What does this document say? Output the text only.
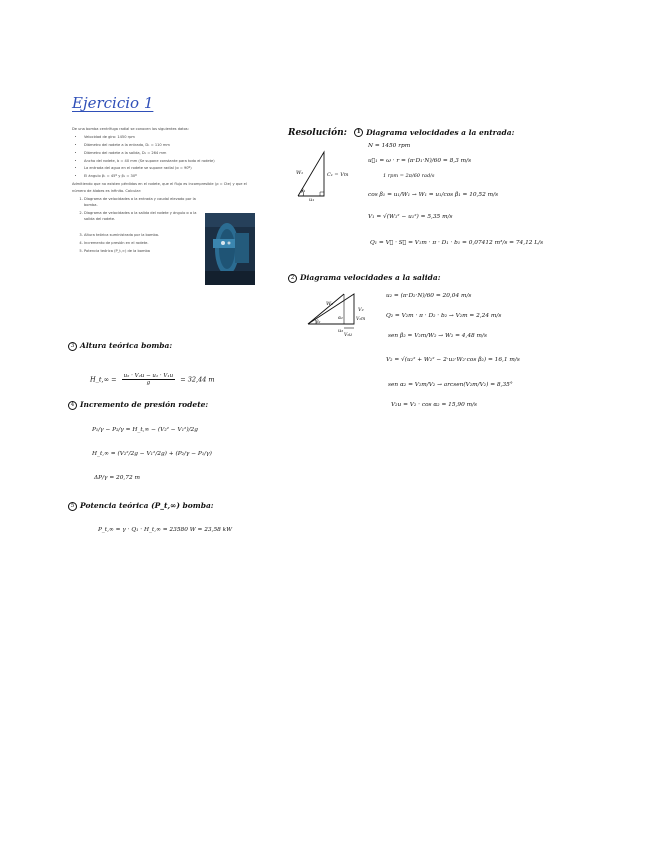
Ejercicio 1

De una bomba centrífuga radial se conocen los siguientes datos:

• Velocidad de giro: 1450 rpm
• Diámetro del rodete a la entrada, D₁ = 110 mm
• Diámetro del rodete a la salida, D₂ = 264 mm
• Ancho del rodete, b = 40 mm (Se supone constante para todo el rodete)
• La entrada del agua en el rodete se supone radial (α = 90º)
• El ángulo β₁ = 45º y β₂ = 30º

Admitiendo que no existen pérdidas en el rodete, que el flujo es incompresible (ρ = Cte) y que el número de álabes es infinito. Calcular:

1. Diagrama de velocidades a la entrada y caudal elevado por la bomba.
2. Diagrama de velocidades a la salida del rodete y ángulo α a la salida del rodete.
3. Altura teórica suministrada por la bomba.
4. Incremento de presión en el rodete.
5. Potencia teórica (P_t,∞) de la bomba
Resolución: 1 Diagrama velocidades a la entrada:
W₁	C₁ = Vm
u₁
β₁
N = 1450 rpm
u⃗₁ = ω · r = (π·D₁·N)/60 = 8,3 m/s
1 rpm = 2π/60 rad/s
cos β₁ = u₁/W₁ → W₁ = u₁/cos β₁ = 10,52 m/s
V₁ = √(W₁² − u₁²) = 5,35 m/s
Q₁ = V⃗ · S⃗ = V₁m · π · D₁ · b₁ = 0,07412 m³/s = 74,12 L/s
2 Diagrama velocidades a la salida:
W₂
V₂
V₂m
α₂
β₂
u₂
V₂u
u₂ = (π·D₂·N)/60 = 20,04 m/s
Q₂ = V₂m · π · D₂ · b₂ → V₂m = 2,24 m/s
sen β₂ = V₂m/W₂ → W₂ = 4,48 m/s
V₂ = √(u₂² + W₂² − 2·u₂·W₂·cos β₂) = 16,1 m/s
sen α₂ = V₂m/V₂ → arcsen(V₂m/V₂) = 8,35°
V₂u = V₂ · cos α₂ = 15,90 m/s
3 Altura teórica bomba:
H_t,∞ = $\frac{\text{u₂ · V₂u − u₁ · V₁u}}{g} = 32,44$ m
4 Incremento de presión rodete:
P₁/γ − P₂/γ = H_t,∞ − (V₂² − V₁²)/2g
H_t,∞ = (V₂²/2g − V₁²/2g) + (P₂/γ − P₁/γ)
ΔP/γ = 20,72 m
5 Potencia teórica (P_t,∞) bomba:
P_t,∞ = γ · Q₁ · H_t,∞ = 23580 W = 23,58 kW
